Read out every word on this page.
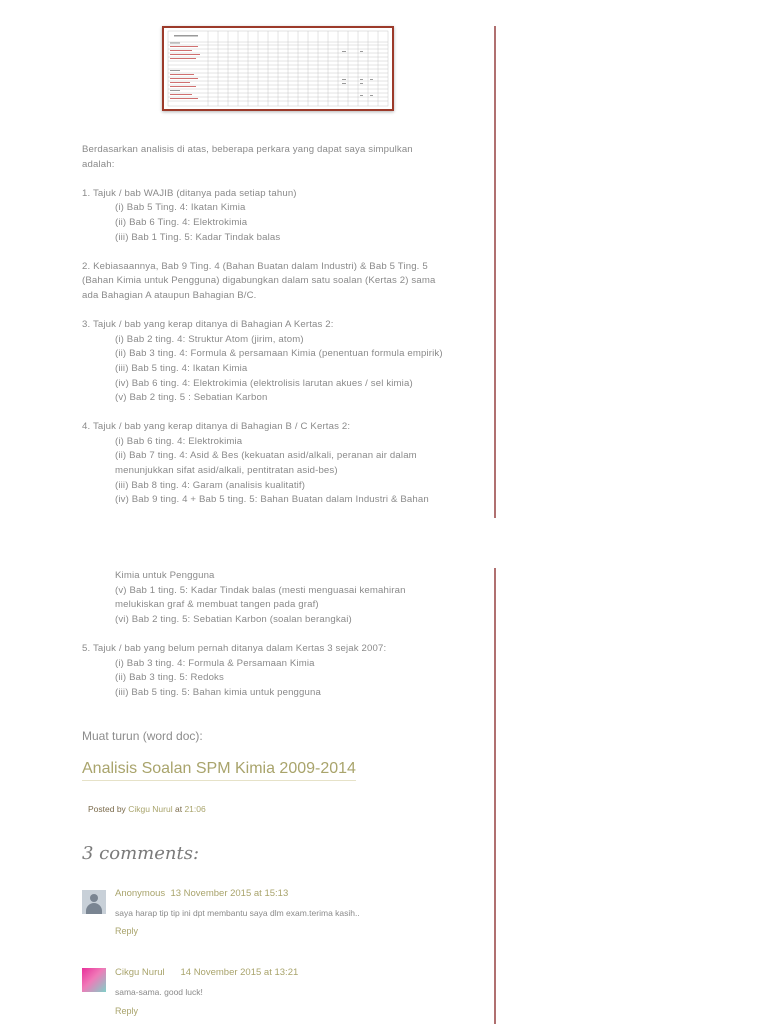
Berdasarkan analisis di atas, beberapa perkara yang dapat saya simpulkan
adalah:
1. Tajuk / bab WAJIB (ditanya pada setiap tahun)
(i) Bab 5 Ting. 4: Ikatan Kimia
(ii) Bab 6 Ting. 4: Elektrokimia
(iii) Bab 1 Ting. 5: Kadar Tindak balas
2. Kebiasaannya, Bab 9 Ting. 4 (Bahan Buatan dalam Industri) & Bab 5 Ting. 5
(Bahan Kimia untuk Pengguna) digabungkan dalam satu soalan (Kertas 2) sama
ada Bahagian A ataupun Bahagian B/C.
3. Tajuk / bab yang kerap ditanya di Bahagian A Kertas 2:
(i) Bab 2 ting. 4: Struktur Atom (jirim, atom)
(ii) Bab 3 ting. 4: Formula & persamaan Kimia (penentuan formula empirik)
(iii) Bab 5 ting. 4: Ikatan Kimia
(iv) Bab 6 ting. 4: Elektrokimia (elektrolisis larutan akues / sel kimia)
(v) Bab 2 ting. 5 : Sebatian Karbon
4. Tajuk / bab yang kerap ditanya di Bahagian B / C Kertas 2:
(i) Bab 6 ting. 4: Elektrokimia
(ii) Bab 7 ting. 4: Asid & Bes (kekuatan asid/alkali, peranan air dalam
menunjukkan sifat asid/alkali, pentitratan asid-bes)
(iii) Bab 8 ting. 4: Garam (analisis kualitatif)
(iv) Bab 9 ting. 4 + Bab 5 ting. 5: Bahan Buatan dalam Industri & Bahan
Kimia untuk Pengguna
(v) Bab 1 ting. 5: Kadar Tindak balas (mesti menguasai kemahiran
melukiskan graf & membuat tangen pada graf)
(vi) Bab 2 ting. 5: Sebatian Karbon (soalan berangkai)
5. Tajuk / bab yang belum pernah ditanya dalam Kertas 3 sejak 2007:
(i) Bab 3 ting. 4: Formula & Persamaan Kimia
(ii) Bab 3 ting. 5: Redoks
(iii) Bab 5 ting. 5: Bahan kimia untuk pengguna
Muat turun (word doc):
Analisis Soalan SPM Kimia 2009-2014
Posted by Cikgu Nurul at 21:06
3 comments:
Anonymous 13 November 2015 at 15:13
saya harap tip tip ini dpt membantu saya dlm exam.terima kasih..
Reply
Cikgu Nurul 14 November 2015 at 13:21
sama-sama. good luck!
Reply
